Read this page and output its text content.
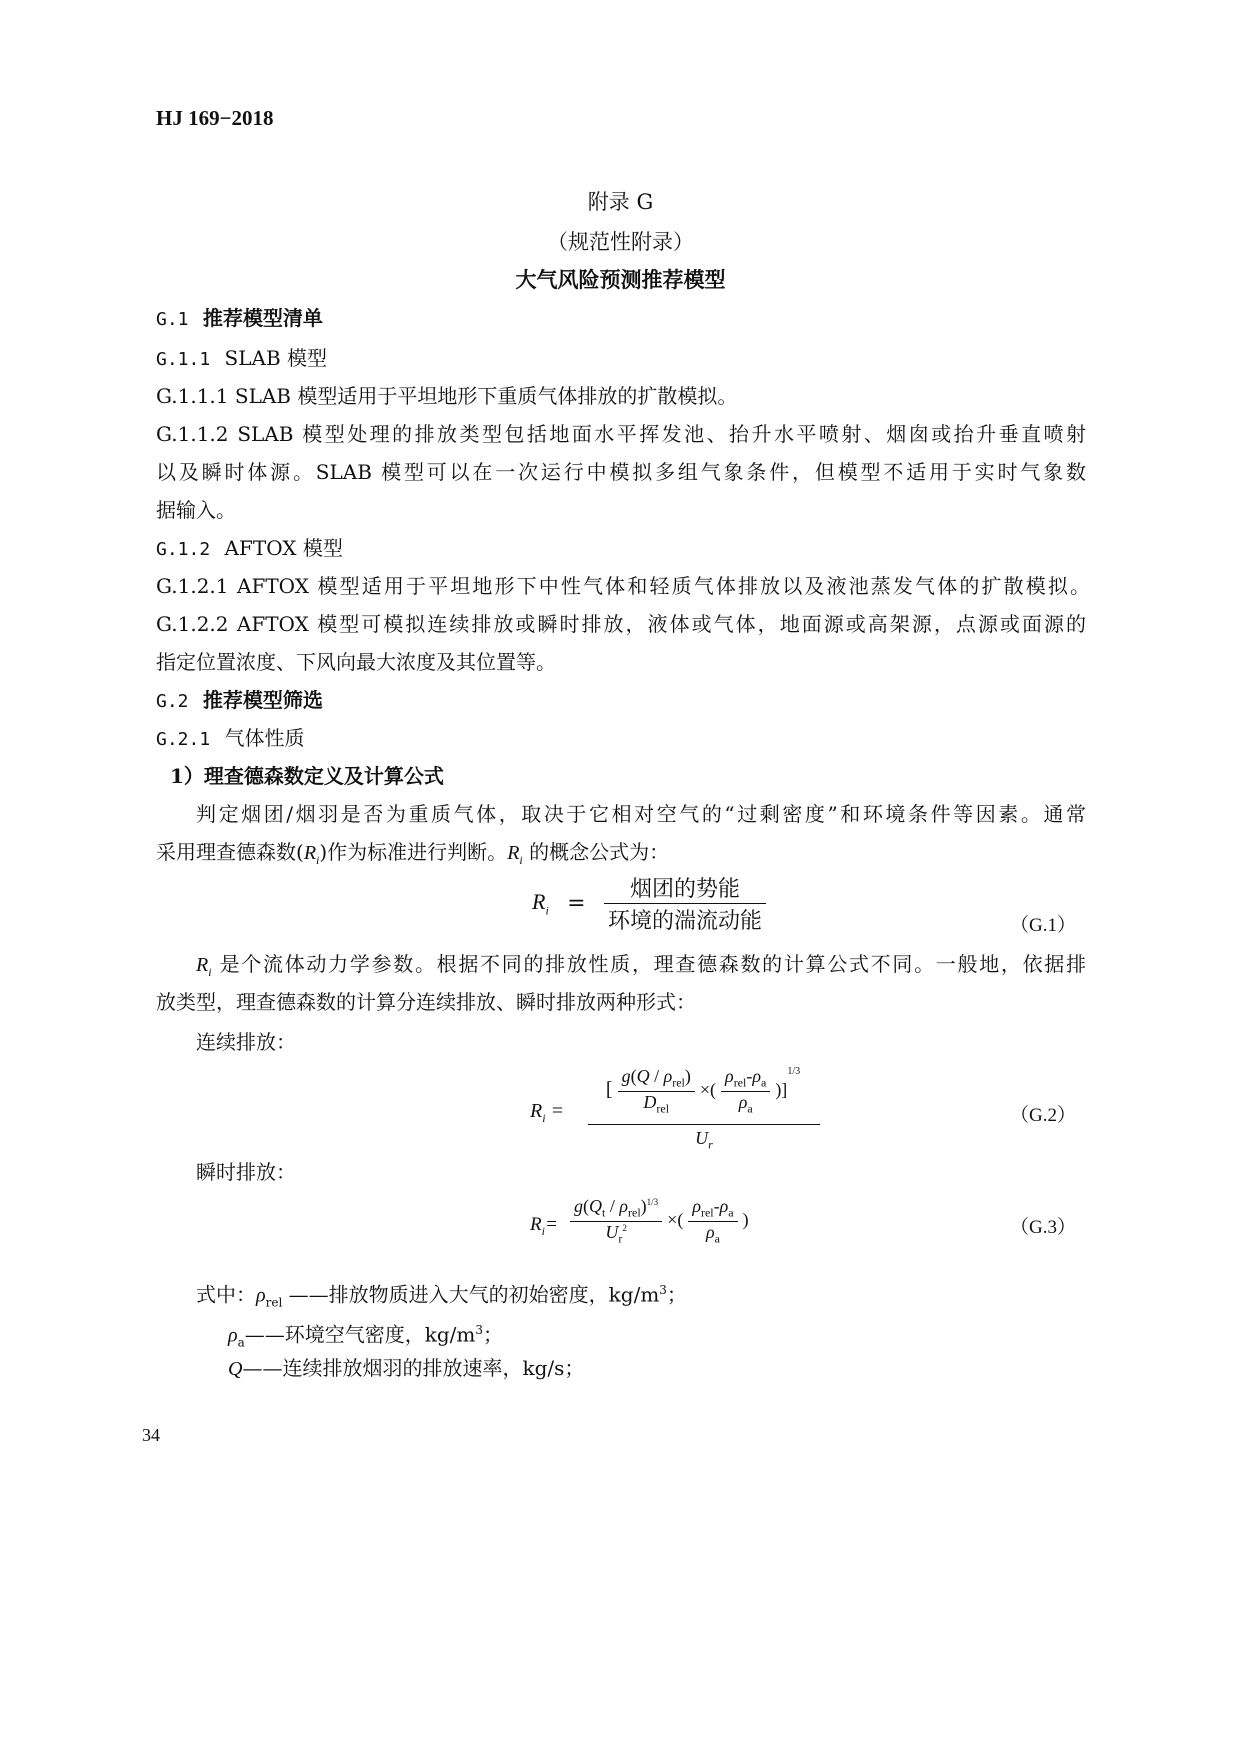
HJ 169−2018
附录 G
（规范性附录）
大气风险预测推荐模型
G.1 推荐模型清单
G.1.1 SLAB 模型
G.1.1.1 SLAB 模型适用于平坦地形下重质气体排放的扩散模拟。
G.1.1.2 SLAB 模型处理的排放类型包括地面水平挥发池、抬升水平喷射、烟囱或抬升垂直喷射
以及瞬时体源。SLAB 模型可以在一次运行中模拟多组气象条件，但模型不适用于实时气象数
据输入。
G.1.2 AFTOX 模型
G.1.2.1 AFTOX 模型适用于平坦地形下中性气体和轻质气体排放以及液池蒸发气体的扩散模拟。
G.1.2.2 AFTOX 模型可模拟连续排放或瞬时排放，液体或气体，地面源或高架源，点源或面源的
指定位置浓度、下风向最大浓度及其位置等。
G.2 推荐模型筛选
G.2.1 气体性质
1）理查德森数定义及计算公式
判定烟团/烟羽是否为重质气体，取决于它相对空气的“过剩密度”和环境条件等因素。通常
采用理查德森数$(R_i)$作为标准进行判断。$R_i$ 的概念公式为：
$R_i = \frac{\text{烟团的势能}}{\text{环境的湍流动能}}$	（G.1）
$R_i$ 是个流体动力学参数。根据不同的排放性质，理查德森数的计算公式不同。一般地，依据排
放类型，理查德森数的计算分连续排放、瞬时排放两种形式：
连续排放：
$R_i$ =
[ $\frac{g(Q / \rho_{rel})}{D_{rel}}$ ×( $\frac{\rho_{rel}-\rho_a}{\rho_a} )]^{1/3}$
$U_r$
（G.2）
瞬时排放：
$R_i= \frac{g(Q_t / \rho_{rel})^{1/3}}{U_r^2}$ ×( $\frac{\rho_{rel}-\rho_a}{\rho_a}$ )	（G.3）
式中：$\rho_{rel}$ ——排放物质进入大气的初始密度，$kg/m^3$；
$\rho_a——$环境空气密度，$kg/m^3$；
Q——连续排放烟羽的排放速率，kg/s；
34
